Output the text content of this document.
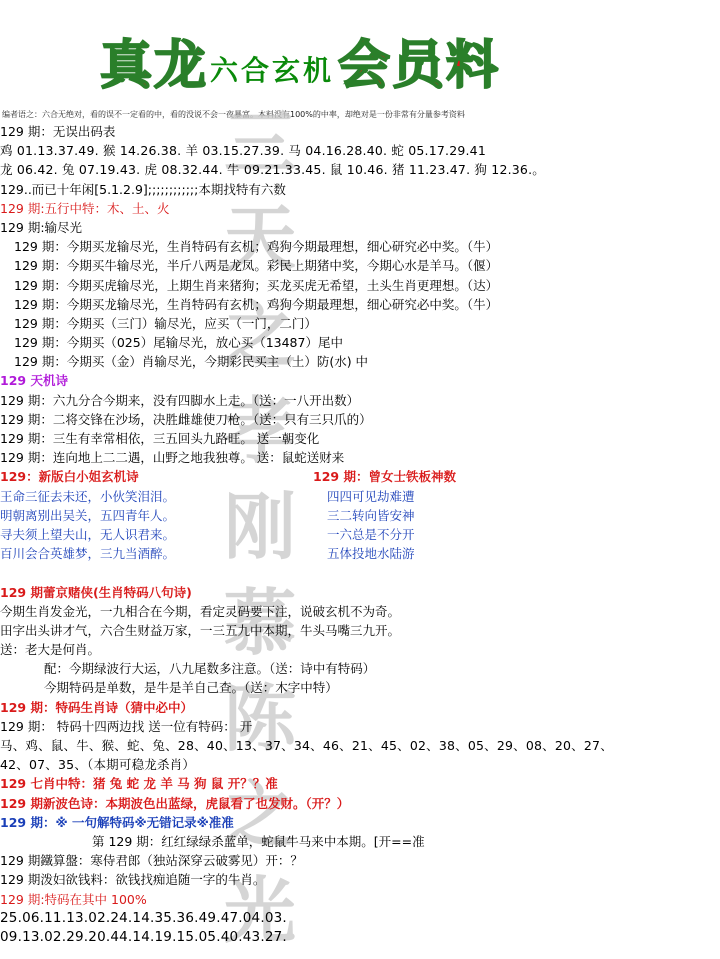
真龙 六合玄机 会员料
编者语之：六合无绝对，看的误不一定看的中，看的没说不会一夜暴富。本料没有100%的中率，却绝对是一份非常有分量参考资料
三
天
之
孝
刚
慕
陈
之
光
129 期：无误出码表
鸡 01.13.37.49. 猴 14.26.38. 羊 03.15.27.39. 马 04.16.28.40. 蛇 05.17.29.41
龙 06.42. 兔 07.19.43. 虎 08.32.44. 牛 09.21.33.45. 鼠 10.46. 猪 11.23.47. 狗 12.36.。
129..而已十年闲[5.1.2.9];;;;;;;;;;;;本期找特有六数
129 期:五行中特：木、土、火
129 期:输尽光
129 期：今期买龙输尽光，生肖特码有玄机；鸡狗今期最理想，细心研究必中奖。（牛）
129 期：今期买牛输尽光，半斤八两是龙凤。彩民上期猪中奖，今期心水是羊马。（偃）
129 期：今期买虎输尽光，上期生肖来猪狗；买龙买虎无希望，土头生肖更理想。（达）
129 期：今期买龙输尽光，生肖特码有玄机；鸡狗今期最理想，细心研究必中奖。（牛）
129 期：今期买（三门）输尽光，应买（一门，二门）
129 期：今期买（025）尾输尽光，放心买（13487）尾中
129 期：今期买（金）肖输尽光，今期彩民买主（土）防(水) 中
129 天机诗
129 期：六九分合今期来，没有四脚水上走。（送：一八开出数）
129 期：二将交锋在沙场，决胜雌雄使刀枪。（送：只有三只爪的）
129 期：三生有幸常相依，三五回头九路旺。 送一朝变化
129 期：连向地上二二遇，山野之地我独尊。 送：鼠蛇送财来
129：新版白小姐玄机诗	129 期：曾女士铁板神数
王命三征去未还，小伙笑泪泪。	四四可见劫难遭
明朝离别出吴关，五四青年人。	三二转向皆安神
寻夫须上望夫山，无人识君来。	一六总是不分开
百川会合英雄梦，三九当酒醉。	五体投地水陆游
129 期蕾京赌侠(生肖特码八句诗)
今期生肖发金光，一九相合在今期，看定灵码要下注，说破玄机不为奇。
田字出头讲才气，六合生财益万家，一三五九中本期，牛头马嘴三九开。
送：老大是何肖。
配：今期绿波行大运，八九尾数多注意。（送：诗中有特码）
今期特码是单数，是牛是羊自己查。（送：木字中特）
129 期：特码生肖诗（猜中必中）
129 期： 特码十四两边找 送一位有特码： 开
马、鸡、鼠、牛、猴、蛇、兔、28、40、13、37、34、46、21、45、02、38、05、29、08、20、27、
42、07、35、（本期可稳龙杀肖）
129 七肖中特：猪 兔 蛇 龙 羊 马 狗 鼠 开？？准
129 期新波色诗：本期波色出蓝绿，虎鼠看了也发财。（开？）
129 期：※ 一句解特码※无错记录※准准
第 129 期：红红绿绿杀蓝单，蛇鼠牛马来中本期。[开==准
129 期鐵算盤：寒侍君郎（独站深穿云破雾见）开：？
129 期泼妇欲钱料：欲钱找痴追随一字的牛肖。
129 期:特码在其中 100%
25.06.11.13.02.24.14.35.36.49.47.04.03.
09.13.02.29.20.44.14.19.15.05.40.43.27.
